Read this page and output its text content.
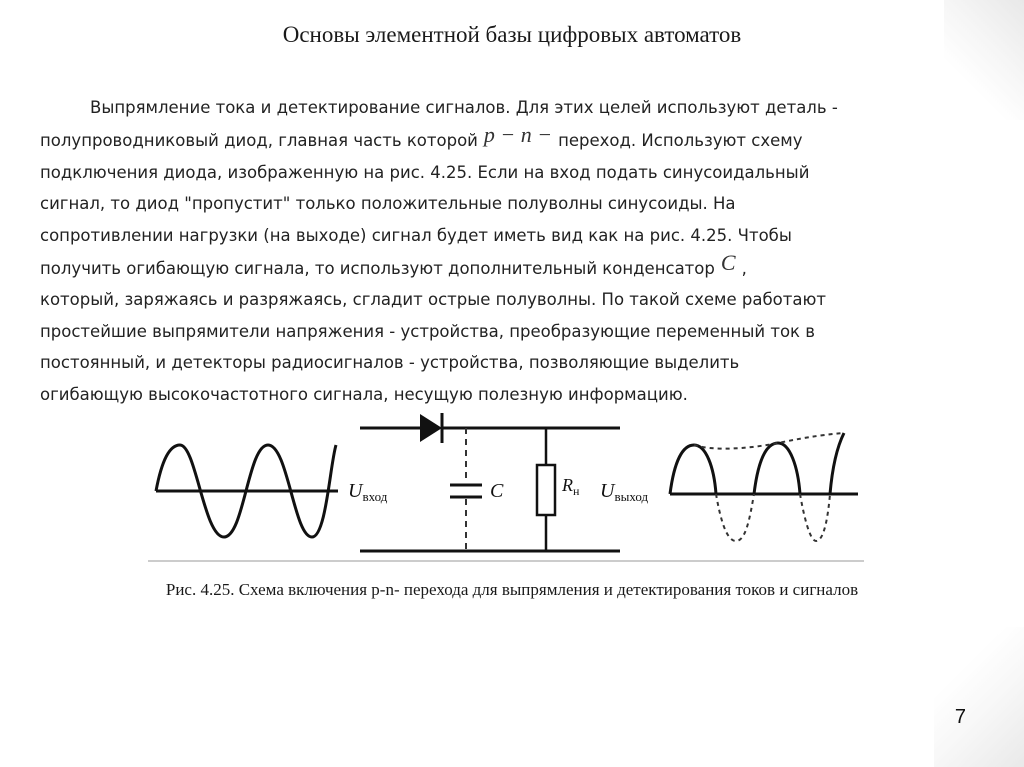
Основы элементной базы цифровых автоматов
Выпрямление тока и детектирование сигналов. Для этих целей используют деталь -
полупроводниковый диод, главная часть которой p − n − переход. Используют схему
подключения диода, изображенную на рис. 4.25. Если на вход подать синусоидальный
сигнал, то диод "пропустит" только положительные полуволны синусоиды. На
сопротивлении нагрузки (на выходе) сигнал будет иметь вид как на рис. 4.25. Чтобы
получить огибающую сигнала, то используют дополнительный конденсатор C ,
который, заряжаясь и разряжаясь, сгладит острые полуволны. По такой схеме работают
простейшие выпрямители напряжения - устройства, преобразующие переменный ток в
постоянный, и детекторы радиосигналов - устройства, позволяющие выделить
огибающую высокочастотного сигнала, несущую полезную информацию.
$U_{вход}$	C	$R_н$ $U_{выход}$
Рис. 4.25. Схема включения p-n- перехода для выпрямления и детектирования токов и сигналов
7
